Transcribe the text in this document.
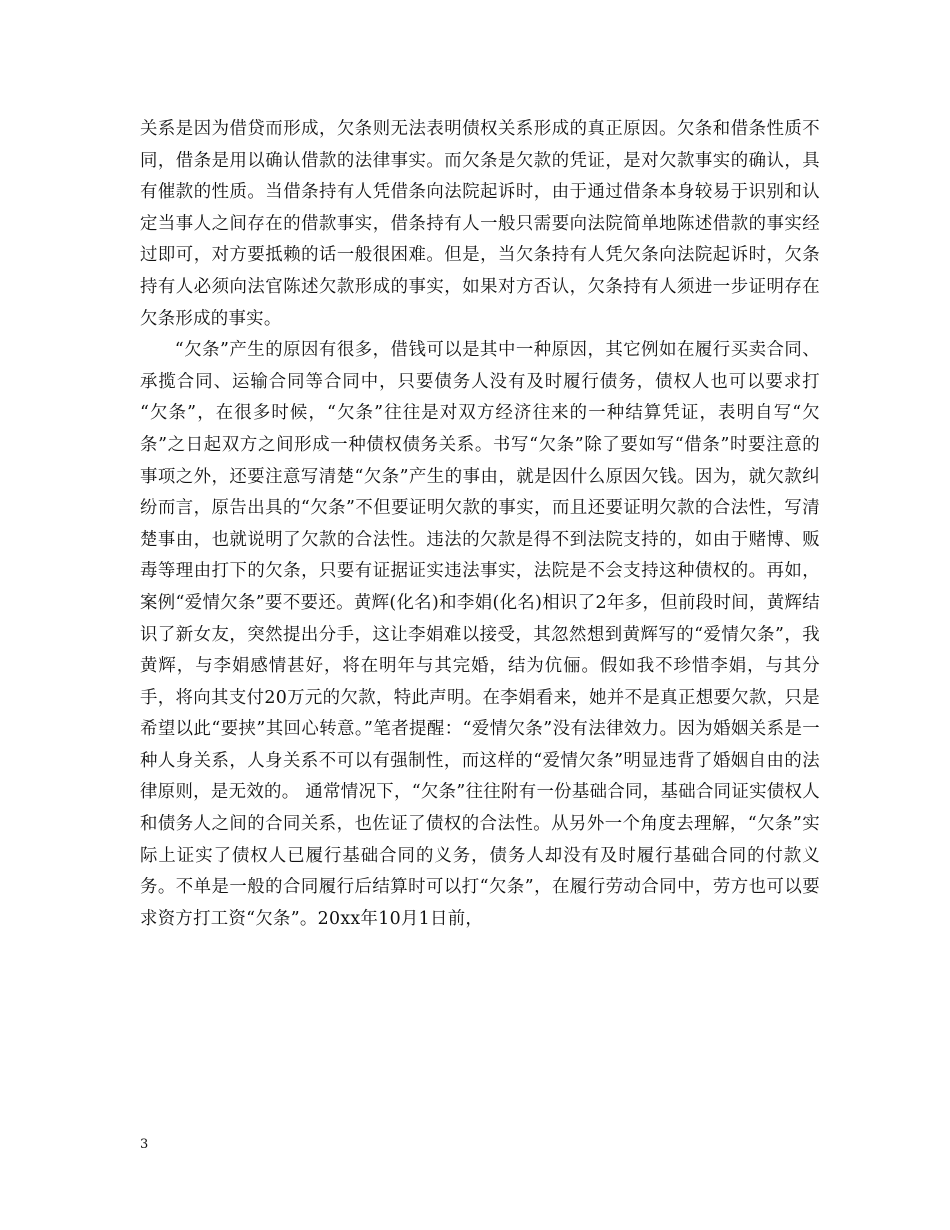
关系是因为借贷而形成，欠条则无法表明债权关系形成的真正原因。欠条和借条性质不同，借条是用以确认借款的法律事实。而欠条是欠款的凭证，是对欠款事实的确认，具有催款的性质。当借条持有人凭借条向法院起诉时，由于通过借条本身较易于识别和认定当事人之间存在的借款事实，借条持有人一般只需要向法院简单地陈述借款的事实经过即可，对方要抵赖的话一般很困难。但是，当欠条持有人凭欠条向法院起诉时，欠条持有人必须向法官陈述欠款形成的事实，如果对方否认，欠条持有人须进一步证明存在欠条形成的事实。

“欠条”产生的原因有很多，借钱可以是其中一种原因，其它例如在履行买卖合同、承揽合同、运输合同等合同中，只要债务人没有及时履行债务，债权人也可以要求打 “欠条”，在很多时候，“欠条”往往是对双方经济往来的一种结算凭证，表明自写“欠条”之日起双方之间形成一种债权债务关系。书写“欠条”除了要如写“借条”时要注意的事项之外，还要注意写清楚“欠条”产生的事由，就是因什么原因欠钱。因为，就欠款纠纷而言，原告出具的“欠条”不但要证明欠款的事实，而且还要证明欠款的合法性，写清楚事由，也就说明了欠款的合法性。违法的欠款是得不到法院支持的，如由于赌博、贩毒等理由打下的欠条，只要有证据证实违法事实，法院是不会支持这种债权的。再如，案例“爱情欠条”要不要还。黄辉(化名)和李娟(化名)相识了2年多，但前段时间，黄辉结识了新女友，突然提出分手，这让李娟难以接受，其忽然想到黄辉写的“爱情欠条”，我黄辉，与李娟感情甚好，将在明年与其完婚，结为伉俪。假如我不珍惜李娟，与其分手，将向其支付20万元的欠款，特此声明。在李娟看来，她并不是真正想要欠款，只是希望以此“要挟”其回心转意。”笔者提醒：“爱情欠条”没有法律效力。因为婚姻关系是一种人身关系，人身关系不可以有强制性，而这样的“爱情欠条”明显违背了婚姻自由的法律原则，是无效的。 通常情况下，“欠条”往往附有一份基础合同，基础合同证实债权人和债务人之间的合同关系，也佐证了债权的合法性。从另外一个角度去理解，“欠条”实际上证实了债权人已履行基础合同的义务，债务人却没有及时履行基础合同的付款义务。不单是一般的合同履行后结算时可以打“欠条”，在履行劳动合同中，劳方也可以要求资方打工资“欠条”。20xx年10月1日前，

3
